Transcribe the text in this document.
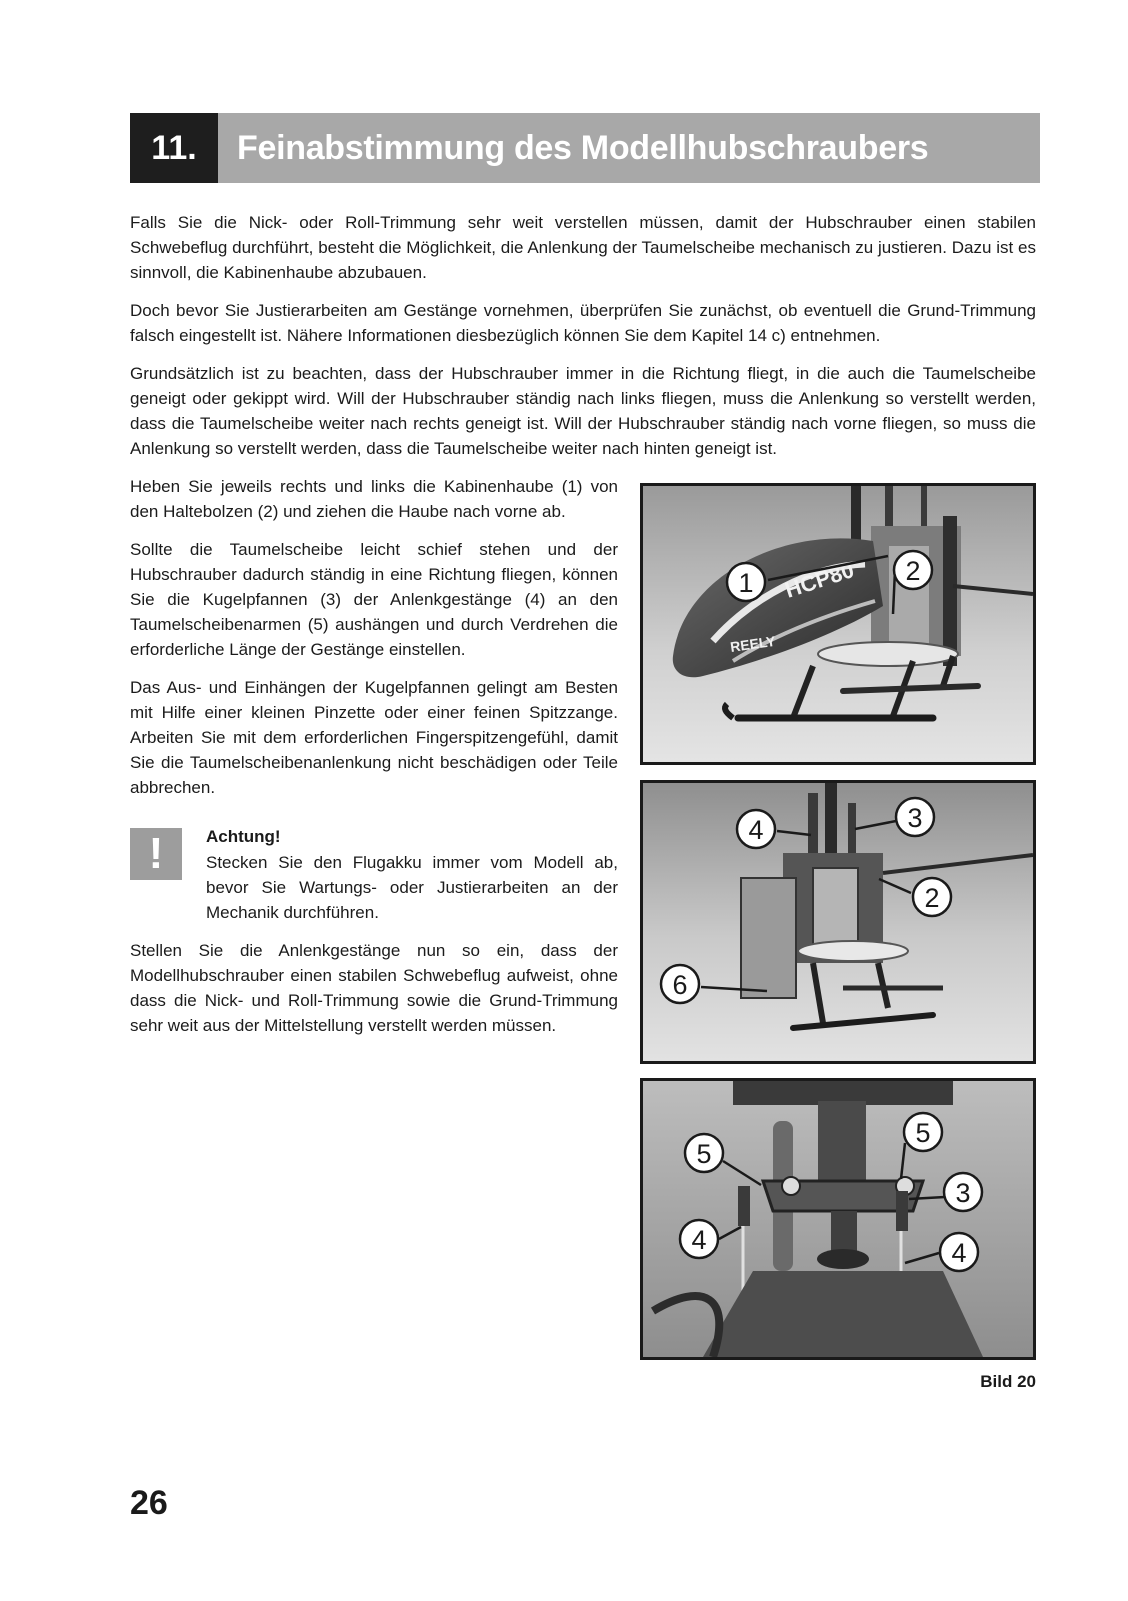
11.	Feinabstimmung des Modellhubschraubers

Falls Sie die Nick- oder Roll-Trimmung sehr weit verstellen müssen, damit der Hubschrauber einen stabilen Schwebeflug durchführt, besteht die Möglichkeit, die Anlenkung der Taumelscheibe mechanisch zu justieren. Dazu ist es sinnvoll, die Kabinenhaube abzubauen.

Doch bevor Sie Justierarbeiten am Gestänge vornehmen, überprüfen Sie zunächst, ob eventuell die Grund-Trimmung falsch eingestellt ist. Nähere Informationen diesbezüglich können Sie dem Kapitel 14 c) entnehmen.

Grundsätzlich ist zu beachten, dass der Hubschrauber immer in die Richtung fliegt, in die auch die Taumelscheibe geneigt oder gekippt wird. Will der Hubschrauber ständig nach links fliegen, muss die Anlenkung so verstellt werden, dass die Taumelscheibe weiter nach rechts geneigt ist. Will der Hubschrauber ständig nach vorne fliegen, so muss die Anlenkung so verstellt werden, dass die Taumelscheibe weiter nach hinten geneigt ist.

Heben Sie jeweils rechts und links die Kabinenhaube (1) von den Haltebolzen (2) und ziehen die Haube nach vorne ab.

Sollte die Taumelscheibe leicht schief stehen und der Hubschrauber dadurch ständig in eine Richtung fliegen, können Sie die Kugelpfannen (3) der Anlenkgestänge (4) an den Taumelscheibenarmen (5) aushängen und durch Verdrehen die erforderliche Länge der Gestänge einstellen.

Das Aus- und Einhängen der Kugelpfannen gelingt am Besten mit Hilfe einer kleinen Pinzette oder einer feinen Spitzzange. Arbeiten Sie mit dem erforderlichen Fingerspitzengefühl, damit Sie die Taumelscheibenanlenkung nicht beschädigen oder Teile abbrechen.

!	Achtung!

Stecken Sie den Flugakku immer vom Modell ab, bevor Sie Wartungs- oder Justierarbeiten an der Mechanik durchführen.

Stellen Sie die Anlenkgestänge nun so ein, dass der Modellhubschrauber einen stabilen Schwebeflug aufweist, ohne dass die Nick- und Roll-Trimmung sowie die Grund-Trimmung sehr weit aus der Mittelstellung verstellt werden müssen.

HCP80
REELY
1	2
4	3
2
6
5
5
3
4	4
Bild 20
26
